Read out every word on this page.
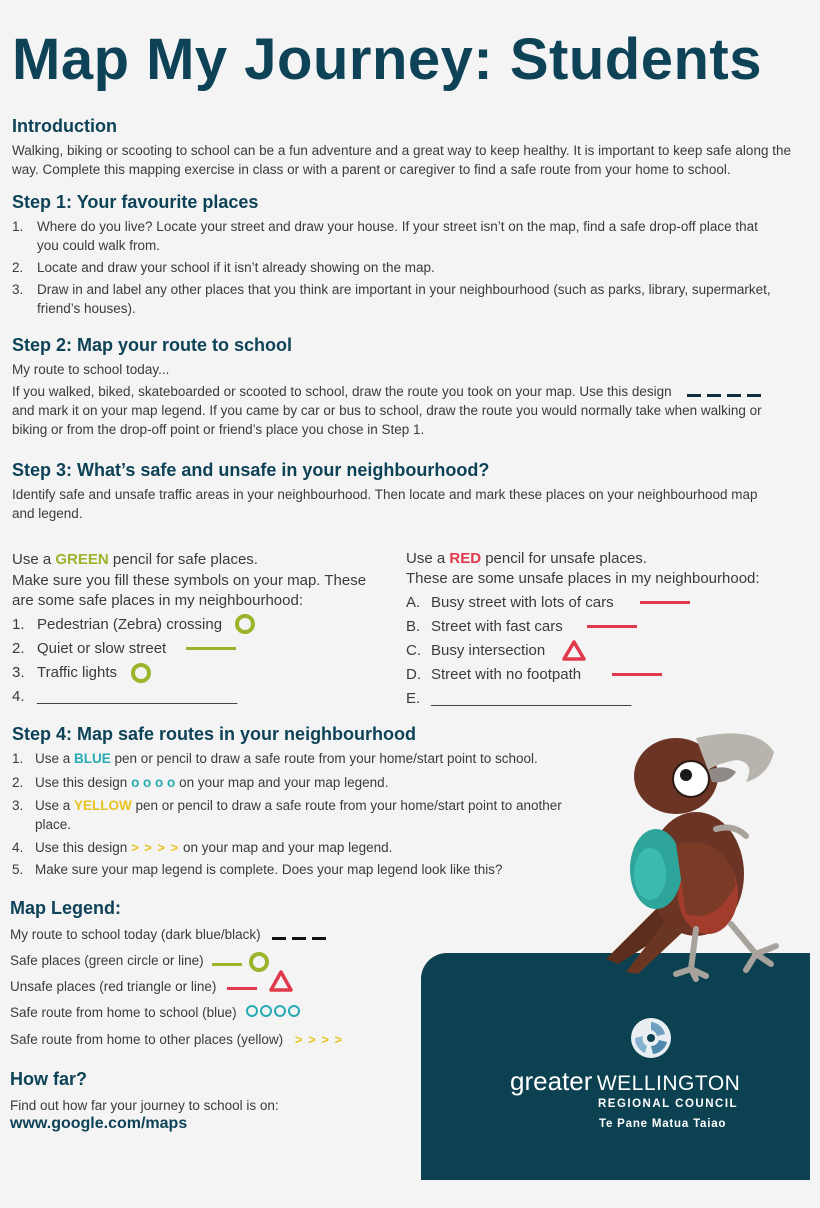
Map My Journey: Students
Introduction
Walking, biking or scooting to school can be a fun adventure and a great way to keep healthy. It is important to keep safe along the way. Complete this mapping exercise in class or with a parent or caregiver to find a safe route from your home to school.
Step 1: Your favourite places
1. Where do you live? Locate your street and draw your house. If your street isn’t on the map, find a safe drop-off place that you could walk from.
2. Locate and draw your school if it isn’t already showing on the map.
3. Draw in and label any other places that you think are important in your neighbourhood (such as parks, library, supermarket, friend’s houses).
Step 2: Map your route to school
My route to school today...
If you walked, biked, skateboarded or scooted to school, draw the route you took on your map. Use this design
and mark it on your map legend. If you came by car or bus to school, draw the route you would normally take when walking or biking or from the drop-off point or friend’s place you chose in Step 1.
Step 3: What’s safe and unsafe in your neighbourhood?
Identify safe and unsafe traffic areas in your neighbourhood. Then locate and mark these places on your neighbourhood map and legend.
Use a GREEN pencil for safe places.
Make sure you fill these symbols on your map. These
are some safe places in my neighbourhood:
1. Pedestrian (Zebra) crossing
2. Quiet or slow street
3. Traffic lights
4. ________________________
Use a RED pencil for unsafe places.
These are some unsafe places in my neighbourhood:
A. Busy street with lots of cars
B. Street with fast cars
C. Busy intersection
D. Street with no footpath
E. ________________________
Step 4: Map safe routes in your neighbourhood
1. Use a BLUE pen or pencil to draw a safe route from your home/start point to school.
2. Use this design o o o o on your map and your map legend.
3. Use a YELLOW pen or pencil to draw a safe route from your home/start point to another place.
4. Use this design > > > > on your map and your map legend.
5. Make sure your map legend is complete. Does your map legend look like this?
Map Legend:
My route to school today (dark blue/black)
Safe places (green circle or line)
Unsafe places (red triangle or line)
Safe route from home to school (blue)
Safe route from home to other places (yellow) > > > >
How far?
Find out how far your journey to school is on:
www.google.com/maps
greater WELLINGTON
REGIONAL COUNCIL
Te Pane Matua Taiao
